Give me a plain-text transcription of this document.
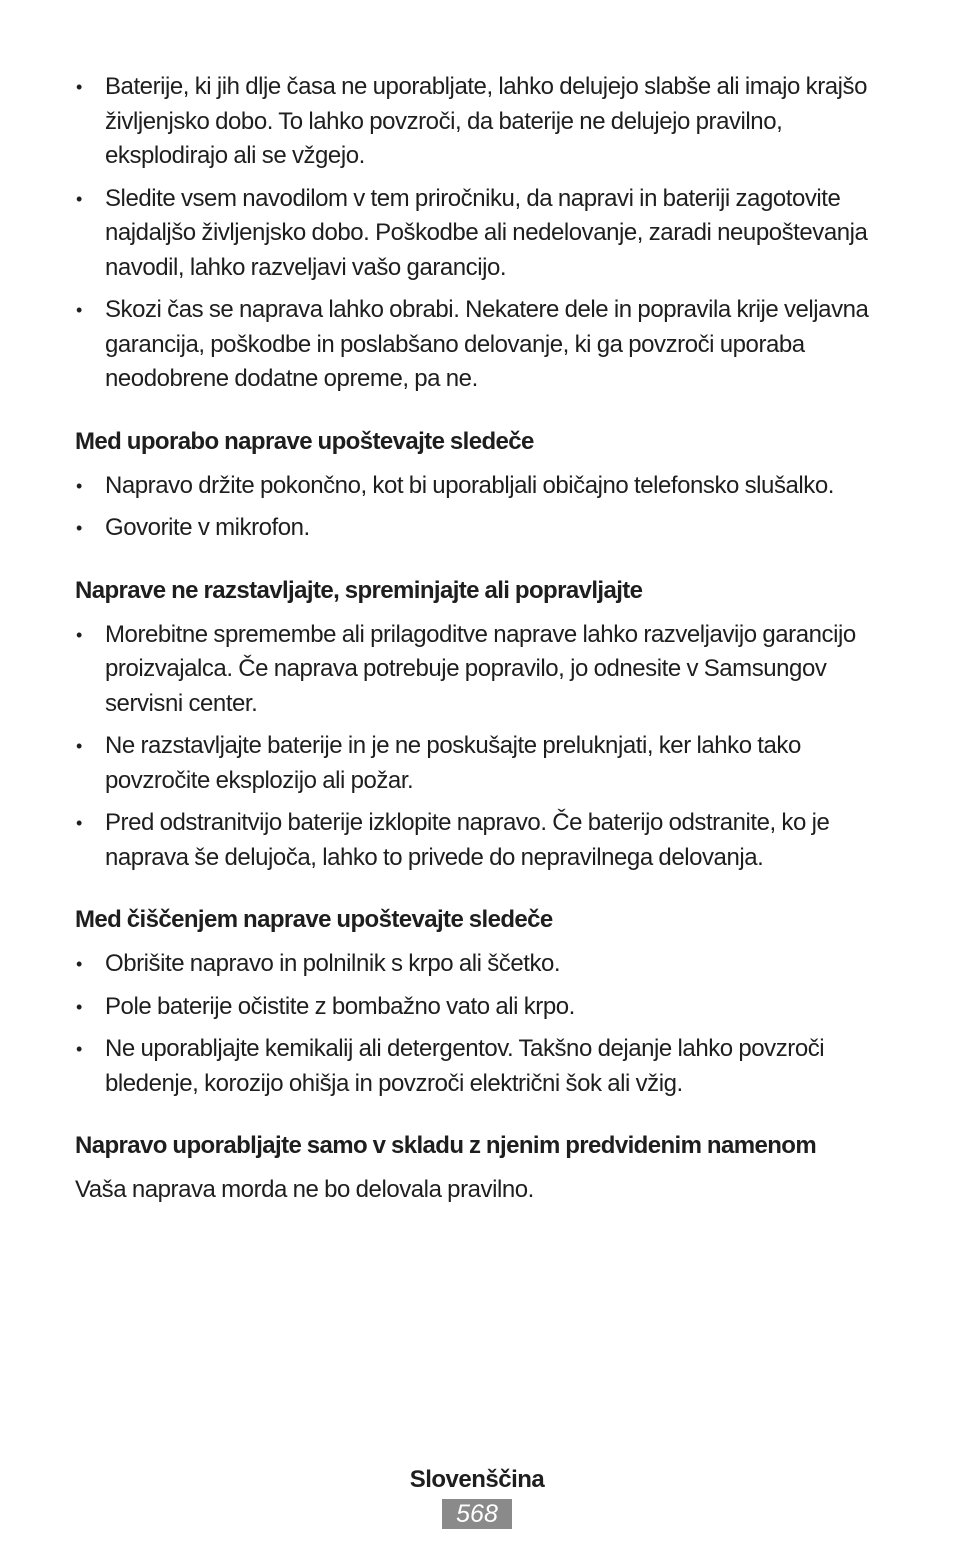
• Baterije, ki jih dlje časa ne uporabljate, lahko delujejo slabše ali imajo krajšo življenjsko dobo. To lahko povzroči, da baterije ne delujejo pravilno, eksplodirajo ali se vžgejo.
• Sledite vsem navodilom v tem priročniku, da napravi in bateriji zagotovite najdaljšo življenjsko dobo. Poškodbe ali nedelovanje, zaradi neupoštevanja navodil, lahko razveljavi vašo garancijo.
• Skozi čas se naprava lahko obrabi. Nekatere dele in popravila krije veljavna garancija, poškodbe in poslabšano delovanje, ki ga povzroči uporaba neodobrene dodatne opreme, pa ne.
Med uporabo naprave upoštevajte sledeče
• Napravo držite pokončno, kot bi uporabljali običajno telefonsko slušalko.
• Govorite v mikrofon.
Naprave ne razstavljajte, spreminjajte ali popravljajte
• Morebitne spremembe ali prilagoditve naprave lahko razveljavijo garancijo proizvajalca. Če naprava potrebuje popravilo, jo odnesite v Samsungov servisni center.
• Ne razstavljajte baterije in je ne poskušajte preluknjati, ker lahko tako povzročite eksplozijo ali požar.
• Pred odstranitvijo baterije izklopite napravo. Če baterijo odstranite, ko je naprava še delujoča, lahko to privede do nepravilnega delovanja.
Med čiščenjem naprave upoštevajte sledeče
• Obrišite napravo in polnilnik s krpo ali ščetko.
• Pole baterije očistite z bombažno vato ali krpo.
• Ne uporabljajte kemikalij ali detergentov. Takšno dejanje lahko povzroči bledenje, korozijo ohišja in povzroči električni šok ali vžig.
Napravo uporabljajte samo v skladu z njenim predvidenim namenom

Vaša naprava morda ne bo delovala pravilno.

Slovenščina
568
